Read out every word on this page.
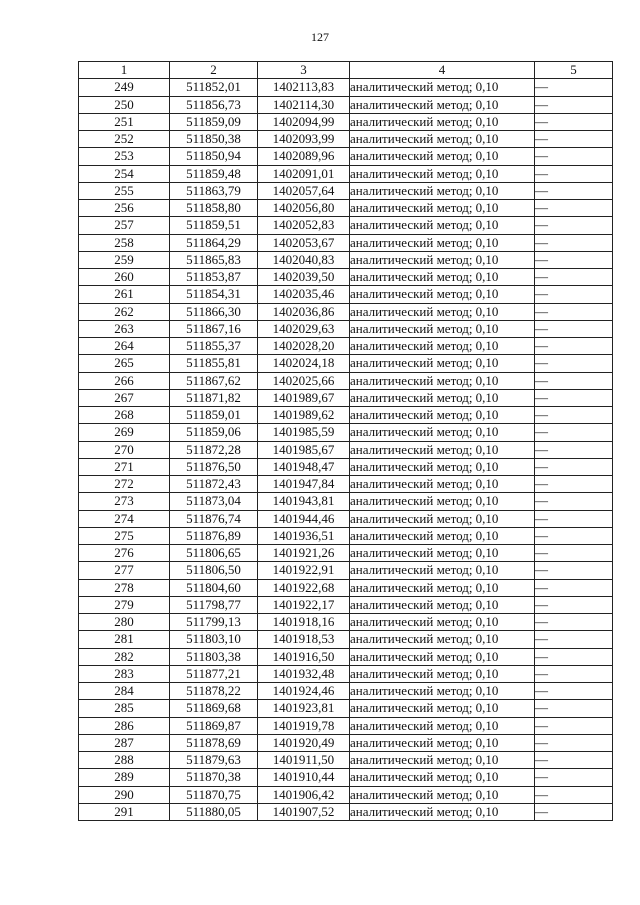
127
1	2	3	4	5
249	511852,01	1402113,83	аналитический метод; 0,10	—
250	511856,73	1402114,30	аналитический метод; 0,10	—
251	511859,09	1402094,99	аналитический метод; 0,10	—
252	511850,38	1402093,99	аналитический метод; 0,10	—
253	511850,94	1402089,96	аналитический метод; 0,10	—
254	511859,48	1402091,01	аналитический метод; 0,10	—
255	511863,79	1402057,64	аналитический метод; 0,10	—
256	511858,80	1402056,80	аналитический метод; 0,10	—
257	511859,51	1402052,83	аналитический метод; 0,10	—
258	511864,29	1402053,67	аналитический метод; 0,10	—
259	511865,83	1402040,83	аналитический метод; 0,10	—
260	511853,87	1402039,50	аналитический метод; 0,10	—
261	511854,31	1402035,46	аналитический метод; 0,10	—
262	511866,30	1402036,86	аналитический метод; 0,10	—
263	511867,16	1402029,63	аналитический метод; 0,10	—
264	511855,37	1402028,20	аналитический метод; 0,10	—
265	511855,81	1402024,18	аналитический метод; 0,10	—
266	511867,62	1402025,66	аналитический метод; 0,10	—
267	511871,82	1401989,67	аналитический метод; 0,10	—
268	511859,01	1401989,62	аналитический метод; 0,10	—
269	511859,06	1401985,59	аналитический метод; 0,10	—
270	511872,28	1401985,67	аналитический метод; 0,10	—
271	511876,50	1401948,47	аналитический метод; 0,10	—
272	511872,43	1401947,84	аналитический метод; 0,10	—
273	511873,04	1401943,81	аналитический метод; 0,10	—
274	511876,74	1401944,46	аналитический метод; 0,10	—
275	511876,89	1401936,51	аналитический метод; 0,10	—
276	511806,65	1401921,26	аналитический метод; 0,10	—
277	511806,50	1401922,91	аналитический метод; 0,10	—
278	511804,60	1401922,68	аналитический метод; 0,10	—
279	511798,77	1401922,17	аналитический метод; 0,10	—
280	511799,13	1401918,16	аналитический метод; 0,10	—
281	511803,10	1401918,53	аналитический метод; 0,10	—
282	511803,38	1401916,50	аналитический метод; 0,10	—
283	511877,21	1401932,48	аналитический метод; 0,10	—
284	511878,22	1401924,46	аналитический метод; 0,10	—
285	511869,68	1401923,81	аналитический метод; 0,10	—
286	511869,87	1401919,78	аналитический метод; 0,10	—
287	511878,69	1401920,49	аналитический метод; 0,10	—
288	511879,63	1401911,50	аналитический метод; 0,10	—
289	511870,38	1401910,44	аналитический метод; 0,10	—
290	511870,75	1401906,42	аналитический метод; 0,10	—
291	511880,05	1401907,52	аналитический метод; 0,10	—
